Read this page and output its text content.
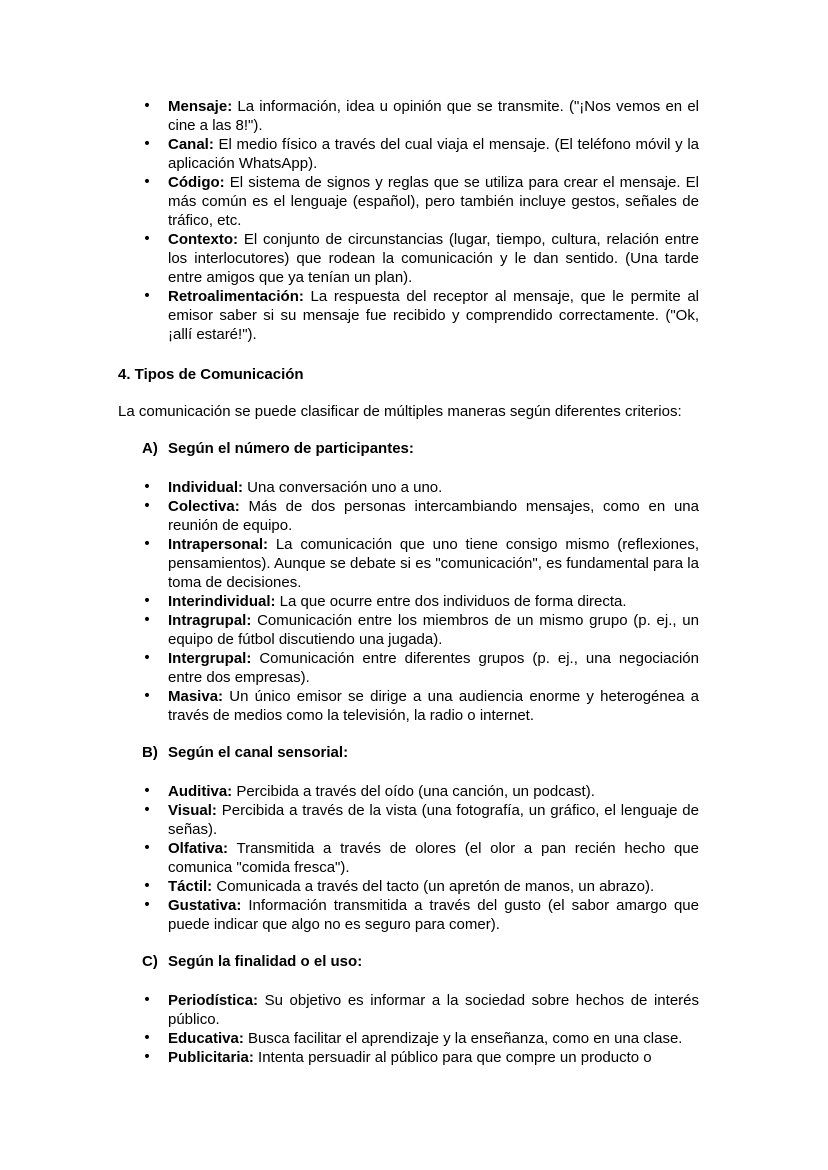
• Mensaje: La información, idea u opinión que se transmite. ("¡Nos vemos en el cine a las 8!").
• Canal: El medio físico a través del cual viaja el mensaje. (El teléfono móvil y la aplicación WhatsApp).
• Código: El sistema de signos y reglas que se utiliza para crear el mensaje. El más común es el lenguaje (español), pero también incluye gestos, señales de tráfico, etc.
• Contexto: El conjunto de circunstancias (lugar, tiempo, cultura, relación entre los interlocutores) que rodean la comunicación y le dan sentido. (Una tarde entre amigos que ya tenían un plan).
• Retroalimentación: La respuesta del receptor al mensaje, que le permite al emisor saber si su mensaje fue recibido y comprendido correctamente. ("Ok, ¡allí estaré!").

4. Tipos de Comunicación

La comunicación se puede clasificar de múltiples maneras según diferentes criterios:

A) Según el número de participantes:

• Individual: Una conversación uno a uno.
• Colectiva: Más de dos personas intercambiando mensajes, como en una reunión de equipo.
• Intrapersonal: La comunicación que uno tiene consigo mismo (reflexiones, pensamientos). Aunque se debate si es "comunicación", es fundamental para la toma de decisiones.
• Interindividual: La que ocurre entre dos individuos de forma directa.
• Intragrupal: Comunicación entre los miembros de un mismo grupo (p. ej., un equipo de fútbol discutiendo una jugada).
• Intergrupal: Comunicación entre diferentes grupos (p. ej., una negociación entre dos empresas).
• Masiva: Un único emisor se dirige a una audiencia enorme y heterogénea a través de medios como la televisión, la radio o internet.

B) Según el canal sensorial:

• Auditiva: Percibida a través del oído (una canción, un podcast).
• Visual: Percibida a través de la vista (una fotografía, un gráfico, el lenguaje de señas).
• Olfativa: Transmitida a través de olores (el olor a pan recién hecho que comunica "comida fresca").
• Táctil: Comunicada a través del tacto (un apretón de manos, un abrazo).
• Gustativa: Información transmitida a través del gusto (el sabor amargo que puede indicar que algo no es seguro para comer).

C) Según la finalidad o el uso:

• Periodística: Su objetivo es informar a la sociedad sobre hechos de interés público.
• Educativa: Busca facilitar el aprendizaje y la enseñanza, como en una clase.
• Publicitaria: Intenta persuadir al público para que compre un producto o
